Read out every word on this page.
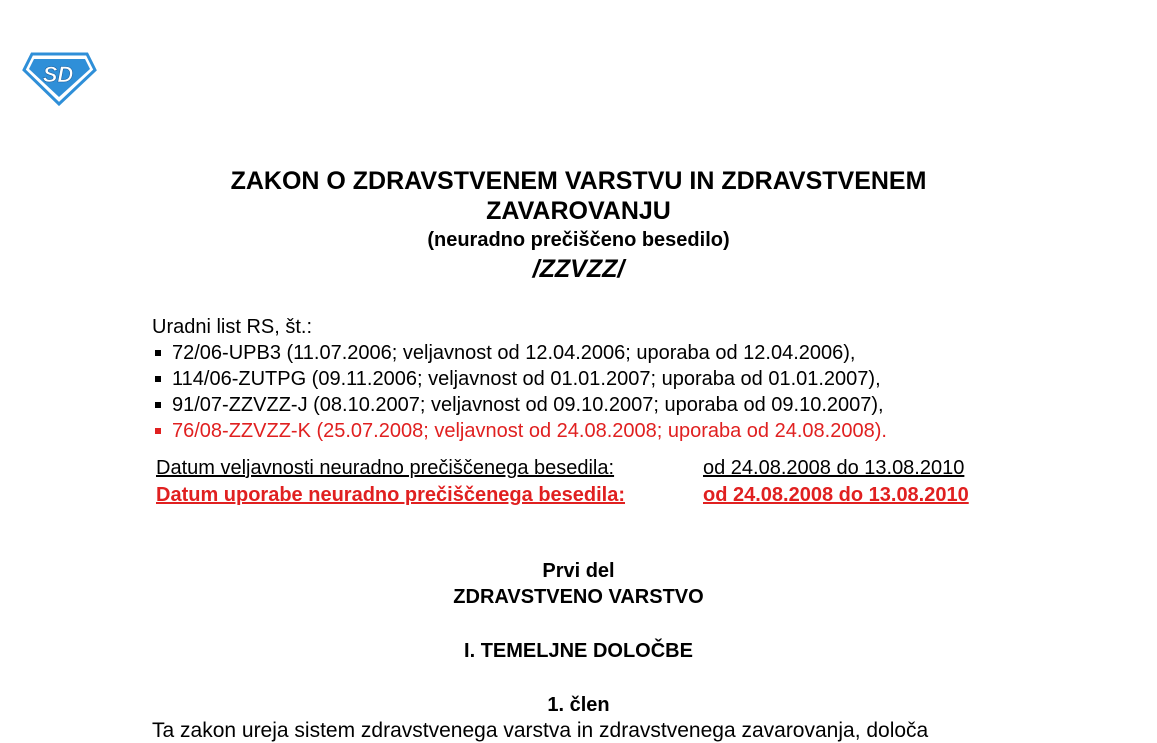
SD
ZAKON O ZDRAVSTVENEM VARSTVU IN ZDRAVSTVENEM
ZAVAROVANJU
(neuradno prečiščeno besedilo)
/ZZVZZ/
Uradni list RS, št.:
72/06-UPB3 (11.07.2006; veljavnost od 12.04.2006; uporaba od 12.04.2006),
114/06-ZUTPG (09.11.2006; veljavnost od 01.01.2007; uporaba od 01.01.2007),
91/07-ZZVZZ-J (08.10.2007; veljavnost od 09.10.2007; uporaba od 09.10.2007),
76/08-ZZVZZ-K (25.07.2008; veljavnost od 24.08.2008; uporaba od 24.08.2008).
Datum veljavnosti neuradno prečiščenega besedila:	od 24.08.2008 do 13.08.2010
Datum uporabe neuradno prečiščenega besedila:	od 24.08.2008 do 13.08.2010
Prvi del
ZDRAVSTVENO VARSTVO
I. TEMELJNE DOLOČBE
1. člen
Ta zakon ureja sistem zdravstvenega varstva in zdravstvenega zavarovanja, določa
